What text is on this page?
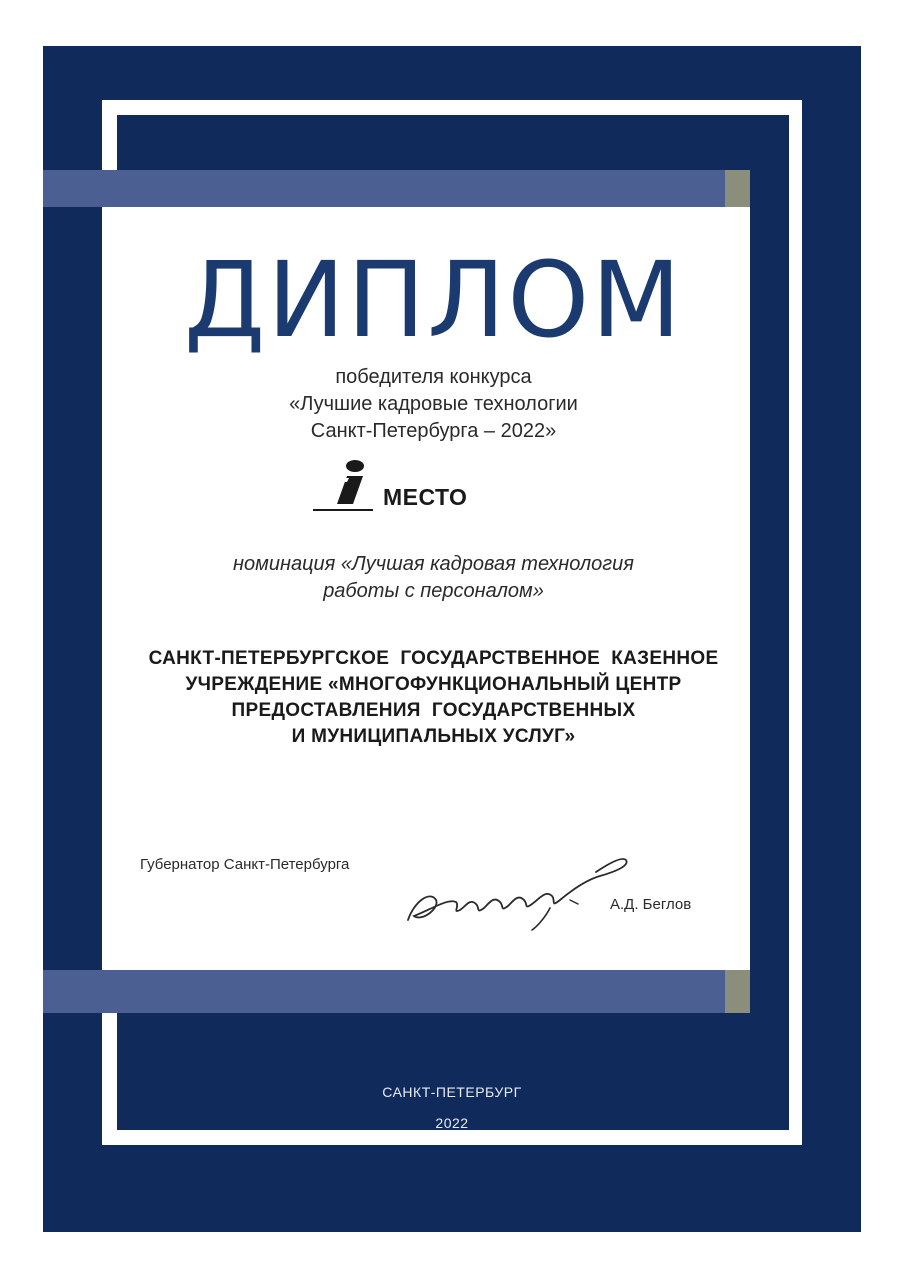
ДИПЛОМ
победителя конкурса
«Лучшие кадровые технологии
Санкт-Петербурга – 2022»
МЕСТО
номинация «Лучшая кадровая технология
работы с персоналом»
САНКТ-ПЕТЕРБУРГСКОЕ  ГОСУДАРСТВЕННОЕ  КАЗЕННОЕ
УЧРЕЖДЕНИЕ «МНОГОФУНКЦИОНАЛЬНЫЙ ЦЕНТР
ПРЕДОСТАВЛЕНИЯ  ГОСУДАРСТВЕННЫХ
И МУНИЦИПАЛЬНЫХ УСЛУГ»
Губернатор Санкт-Петербурга
А.Д. Беглов
САНКТ-ПЕТЕРБУРГ
2022
